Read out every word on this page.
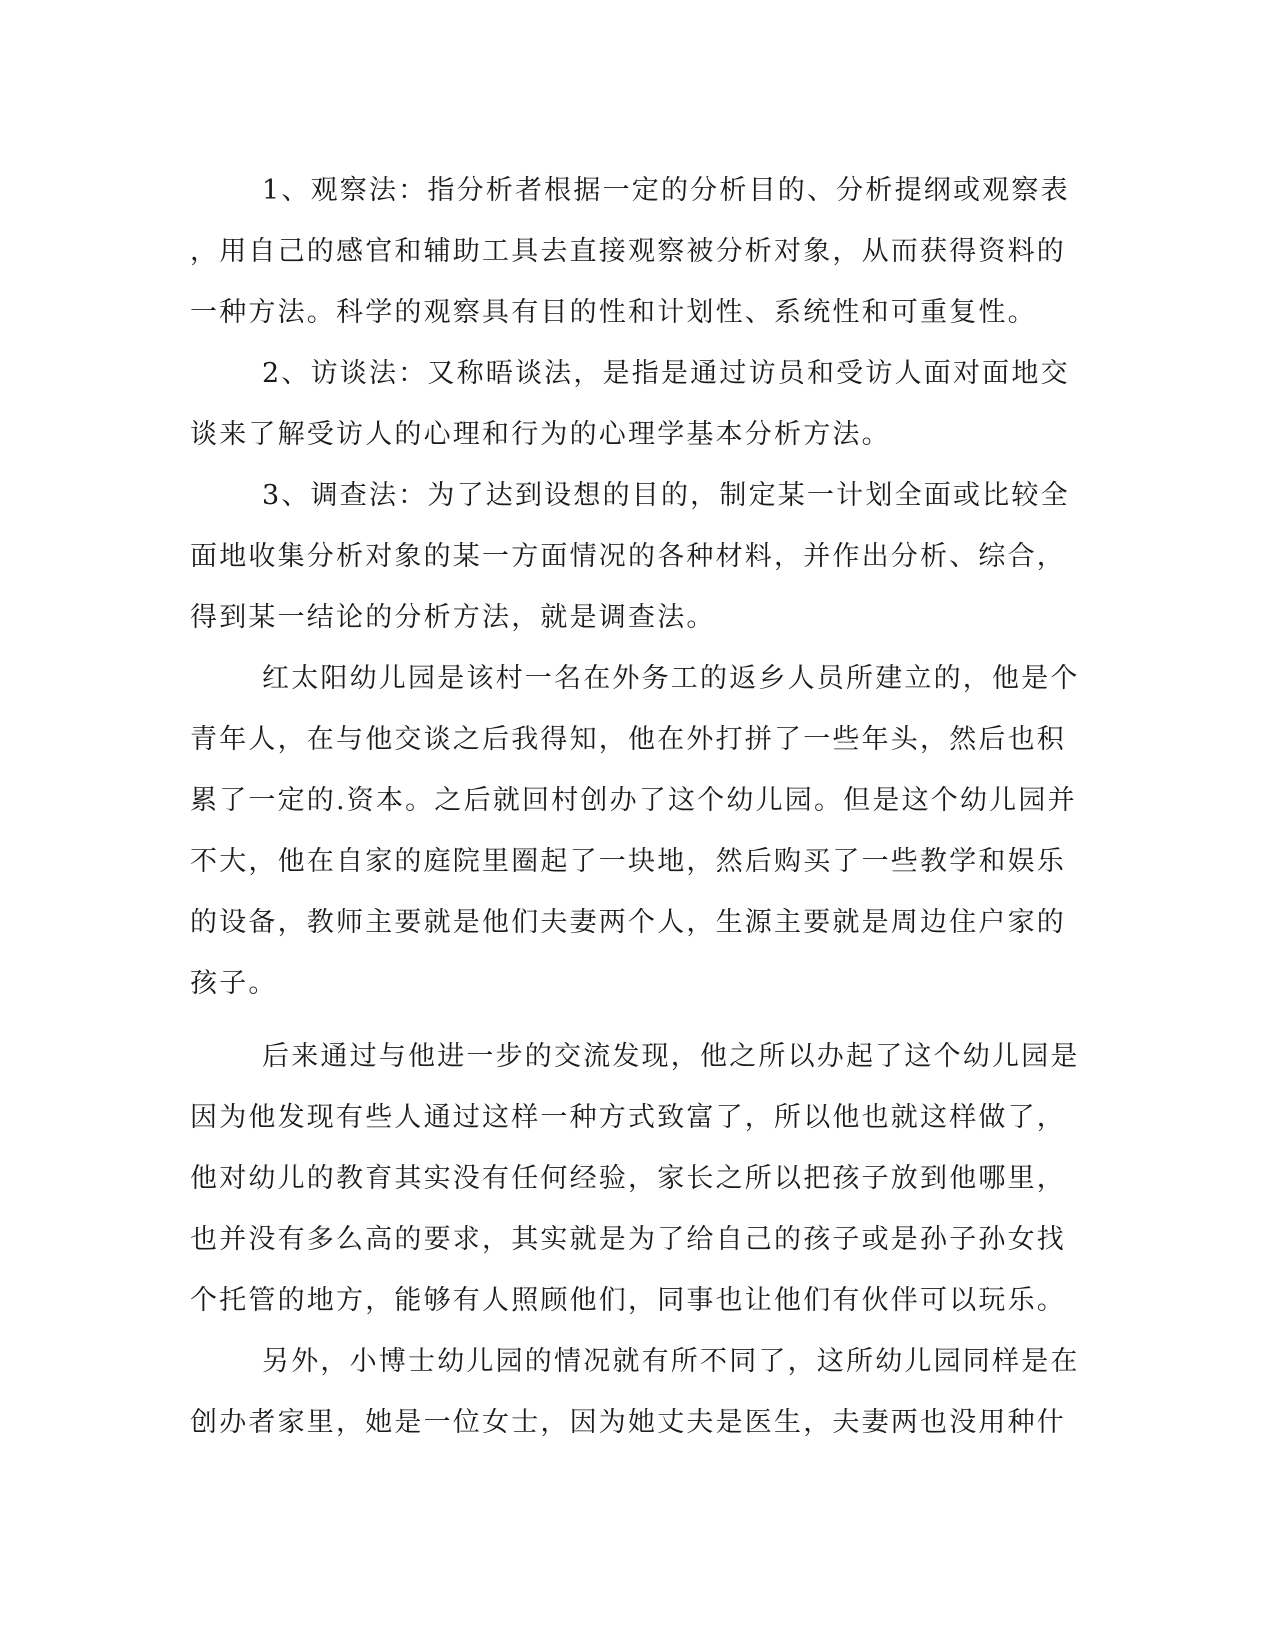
1、观察法：指分析者根据一定的分析目的、分析提纲或观察表
，用自己的感官和辅助工具去直接观察被分析对象，从而获得资料的
一种方法。科学的观察具有目的性和计划性、系统性和可重复性。
2、访谈法：又称晤谈法，是指是通过访员和受访人面对面地交
谈来了解受访人的心理和行为的心理学基本分析方法。
3、调查法：为了达到设想的目的，制定某一计划全面或比较全
面地收集分析对象的某一方面情况的各种材料，并作出分析、综合，
得到某一结论的分析方法，就是调查法。
红太阳幼儿园是该村一名在外务工的返乡人员所建立的，他是个
青年人，在与他交谈之后我得知，他在外打拼了一些年头，然后也积
累了一定的.资本。之后就回村创办了这个幼儿园。但是这个幼儿园并
不大，他在自家的庭院里圈起了一块地，然后购买了一些教学和娱乐
的设备，教师主要就是他们夫妻两个人，生源主要就是周边住户家的
孩子。
后来通过与他进一步的交流发现，他之所以办起了这个幼儿园是
因为他发现有些人通过这样一种方式致富了，所以他也就这样做了，
他对幼儿的教育其实没有任何经验，家长之所以把孩子放到他哪里，
也并没有多么高的要求，其实就是为了给自己的孩子或是孙子孙女找
个托管的地方，能够有人照顾他们，同事也让他们有伙伴可以玩乐。
另外，小博士幼儿园的情况就有所不同了，这所幼儿园同样是在
创办者家里，她是一位女士，因为她丈夫是医生，夫妻两也没用种什
